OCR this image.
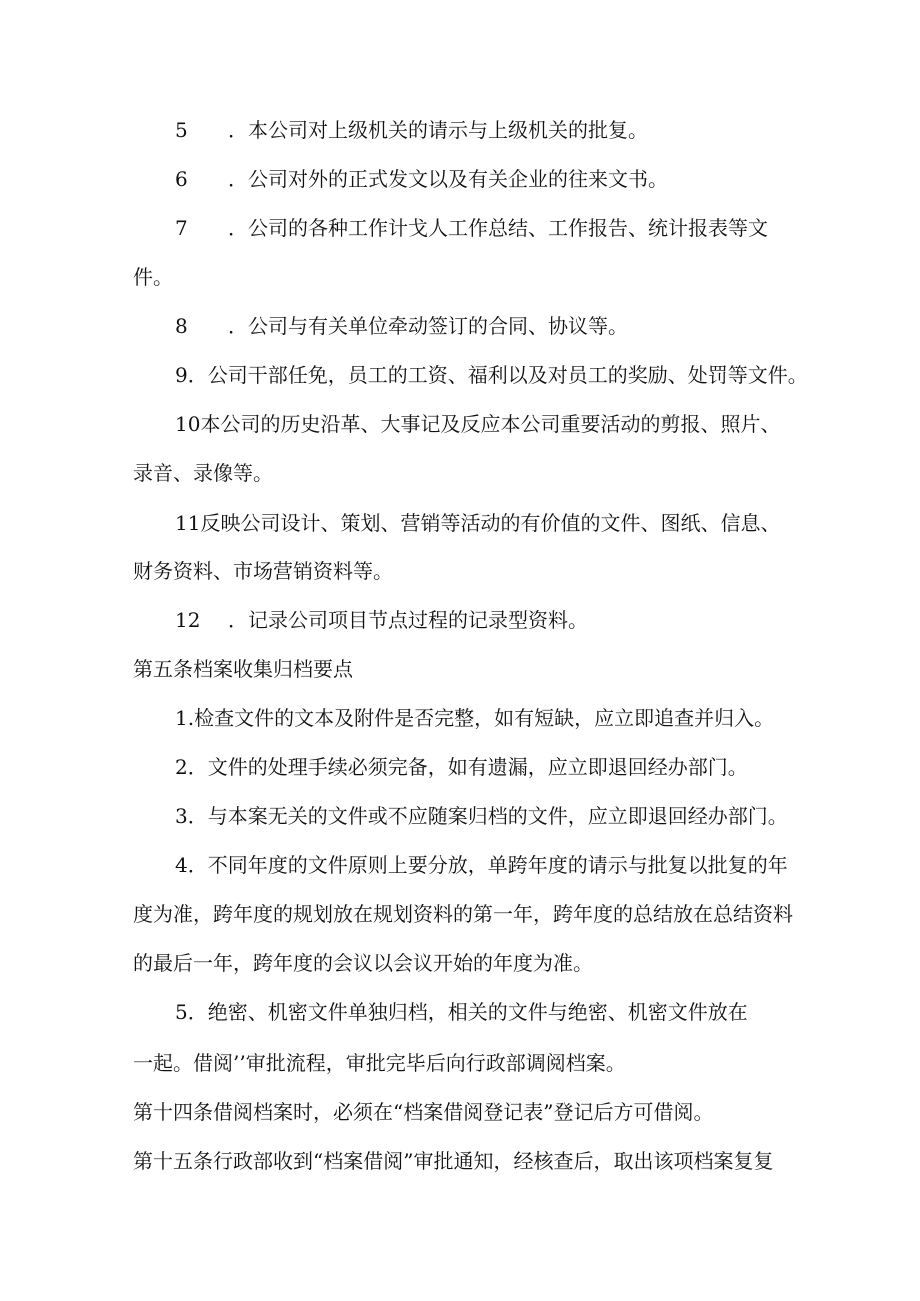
5 ．本公司对上级机关的请示与上级机关的批复。
6 ．公司对外的正式发文以及有关企业的往来文书。
7 ．公司的各种工作计戈人工作总结、工作报告、统计报表等文
件。
8 ．公司与有关单位牵动签订的合同、协议等。
9．公司干部任免，员工的工资、福利以及对员工的奖励、处罚等文件。
10本公司的历史沿革、大事记及反应本公司重要活动的剪报、照片、
录音、录像等。
11反映公司设计、策划、营销等活动的有价值的文件、图纸、信息、
财务资料、市场营销资料等。
12 ．记录公司项目节点过程的记录型资料。
第五条档案收集归档要点
1.检查文件的文本及附件是否完整，如有短缺，应立即追查并归入。
2．文件的处理手续必须完备，如有遗漏，应立即退回经办部门。
3．与本案无关的文件或不应随案归档的文件，应立即退回经办部门。
4．不同年度的文件原则上要分放，单跨年度的请示与批复以批复的年
度为准，跨年度的规划放在规划资料的第一年，跨年度的总结放在总结资料
的最后一年，跨年度的会议以会议开始的年度为准。
5．绝密、机密文件单独归档，相关的文件与绝密、机密文件放在
一起。借阅’’审批流程，审批完毕后向行政部调阅档案。
第十四条借阅档案时，必须在“档案借阅登记表”登记后方可借阅。
第十五条行政部收到“档案借阅”审批通知，经核查后，取出该项档案复复
